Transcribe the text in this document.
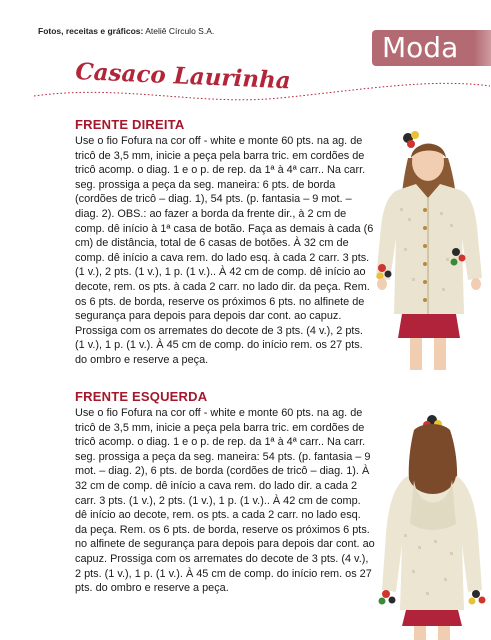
Fotos, receitas e gráficos: Ateliê Círculo S.A.	Moda
Casaco Laurinha
FRENTE DIREITA

Use o fio Fofura na cor off - white e monte 60 pts. na ag. de tricô de 3,5 mm, inicie a peça pela barra tric. em cordões de tricô acomp. o diag. 1 e o p. de rep. da 1ª à 4ª carr.. Na carr. seg. prossiga a peça da seg. maneira: 6 pts. de borda (cordões de tricô – diag. 1), 54 pts. (p. fantasia – 9 mot. – diag. 2). OBS.: ao fazer a borda da frente dir., à 2 cm de comp. dê início à 1ª casa de botão. Faça as demais à cada (6 cm) de distância, total de 6 casas de botões. À 32 cm de comp. dê início a cava rem. do lado esq. à cada 2 carr. 3 pts. (1 v.), 2 pts. (1 v.), 1 p. (1 v.).. À 42 cm de comp. dê início ao decote, rem. os pts. à cada 2 carr. no lado dir. da peça. Rem. os 6 pts. de borda, reserve os próximos 6 pts. no alfinete de segurança para depois para depois dar cont. ao capuz. Prossiga com os arremates do decote de 3 pts. (4 v.), 2 pts. (1 v.), 1 p. (1 v.). À 45 cm de comp. do início rem. os 27 pts. do ombro e reserve a peça.

FRENTE ESQUERDA

Use o fio Fofura na cor off - white e monte 60 pts. na ag. de tricô de 3,5 mm, inicie a peça pela barra tric. em cordões de tricô acomp. o diag. 1 e o p. de rep. da 1ª à 4ª carr.. Na carr. seg. prossiga a peça da seg. maneira: 54 pts. (p. fantasia – 9 mot. – diag. 2), 6 pts. de borda (cordões de tricô – diag. 1). À 32 cm de comp. dê início a cava rem. do lado dir. a cada 2 carr. 3 pts. (1 v.), 2 pts. (1 v.), 1 p. (1 v.).. À 42 cm de comp. dê início ao decote, rem. os pts. a cada 2 carr. no lado esq. da peça. Rem. os 6 pts. de borda, reserve os próximos 6 pts. no alfinete de segurança para depois para depois dar cont. ao capuz. Prossiga com os arremates do decote de 3 pts. (4 v.), 2 pts. (1 v.), 1 p. (1 v.). À 45 cm de comp. do início rem. os 27 pts. do ombro e reserve a peça.
